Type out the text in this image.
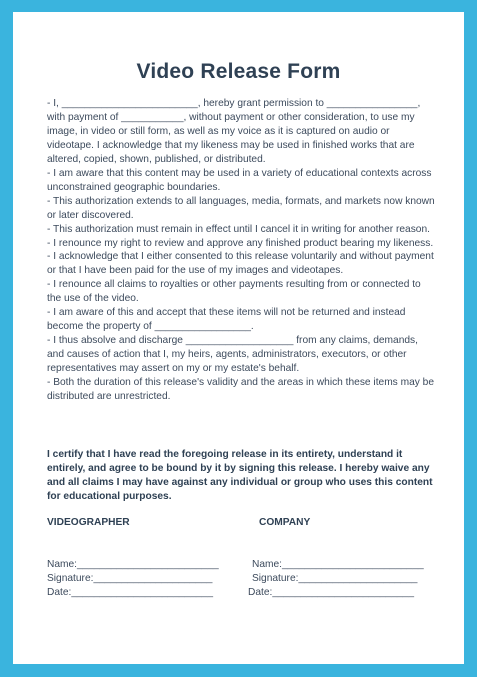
Video Release Form

- I, ________________________, hereby grant permission to ________________, with payment of ___________, without payment or other consideration, to use my image, in video or still form, as well as my voice as it is captured on audio or videotape. I acknowledge that my likeness may be used in finished works that are altered, copied, shown, published, or distributed.

- I am aware that this content may be used in a variety of educational contexts across unconstrained geographic boundaries.

- This authorization extends to all languages, media, formats, and markets now known or later discovered.

- This authorization must remain in effect until I cancel it in writing for another reason.

- I renounce my right to review and approve any finished product bearing my likeness.

- I acknowledge that I either consented to this release voluntarily and without payment or that I have been paid for the use of my images and videotapes.

- I renounce all claims to royalties or other payments resulting from or connected to the use of the video.

- I am aware of this and accept that these items will not be returned and instead become the property of _________________.

- I thus absolve and discharge ___________________ from any claims, demands, and causes of action that I, my heirs, agents, administrators, executors, or other representatives may assert on my or my estate's behalf.

- Both the duration of this release's validity and the areas in which these items may be distributed are unrestricted.

I certify that I have read the foregoing release in its entirety, understand it entirely, and agree to be bound by it by signing this release. I hereby waive any and all claims I may have against any individual or group who uses this content for educational purposes.
VIDEOGRAPHER	COMPANY
Name:_________________________
Signature:_____________________
Date:_________________________
Name:_________________________
Signature:_____________________
Date:_________________________
